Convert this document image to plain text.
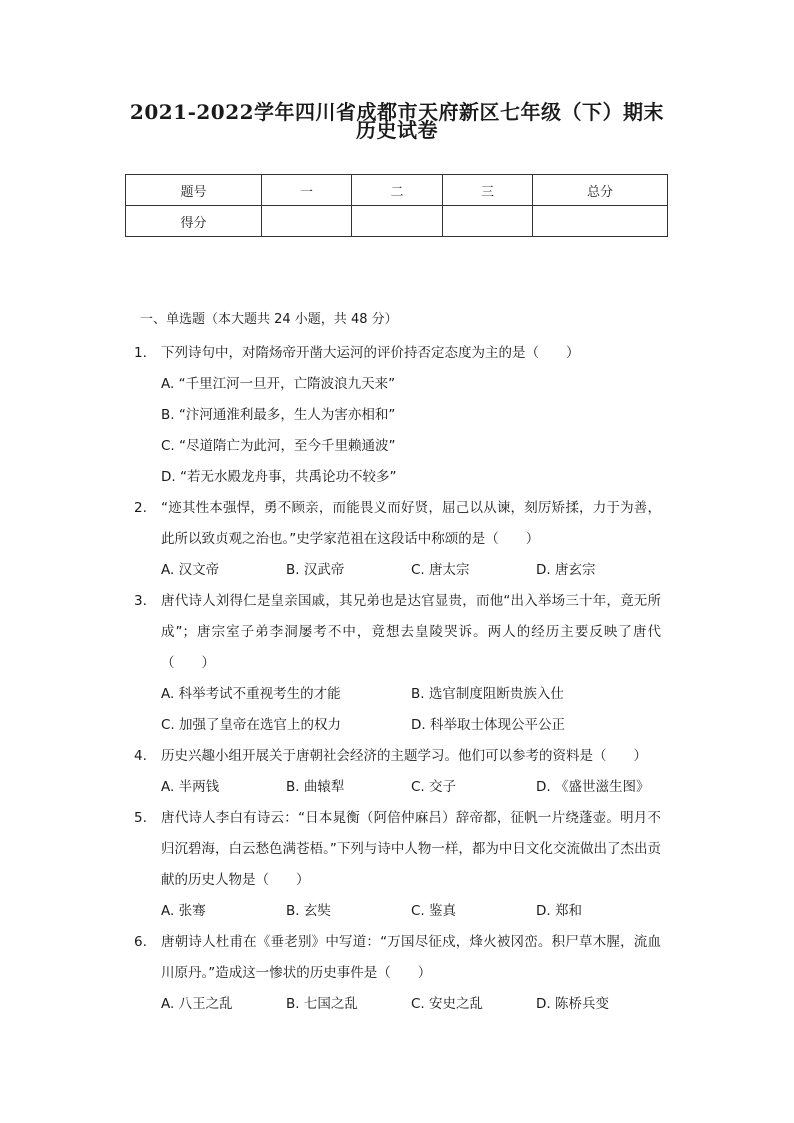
2021-2022学年四川省成都市天府新区七年级（下）期末
历史试卷
题号	一	二	三	总分
得分				
一、单选题（本大题共 24 小题，共 48 分）
1. 下列诗句中，对隋炀帝开凿大运河的评价持否定态度为主的是（　　）
A. “千里江河一旦开，亡隋波浪九天来”
B. “汴河通淮利最多，生人为害亦相和”
C. “尽道隋亡为此河，至今千里赖通波”
D. “若无水殿龙舟事，共禹论功不较多”
2. “迹其性本强悍，勇不顾亲，而能畏义而好贤，屈己以从谏，刻厉矫揉，力于为善，此所以致贞观之治也。”史学家范祖在这段话中称颂的是（　　）
A. 汉文帝	B. 汉武帝	C. 唐太宗	D. 唐玄宗
3. 唐代诗人刘得仁是皇亲国戚，其兄弟也是达官显贵，而他“出入举场三十年，竟无所成”；唐宗室子弟李洞屡考不中，竟想去皇陵哭诉。两人的经历主要反映了唐代（　　）
A. 科举考试不重视考生的才能	B. 选官制度阻断贵族入仕
C. 加强了皇帝在选官上的权力	D. 科举取士体现公平公正
4. 历史兴趣小组开展关于唐朝社会经济的主题学习。他们可以参考的资料是（　　）
A. 半两钱	B. 曲辕犁	C. 交子	D. 《盛世滋生图》
5. 唐代诗人李白有诗云：“日本晁衡（阿倍仲麻吕）辞帝都，征帆一片绕蓬壶。明月不归沉碧海，白云愁色满苍梧。”下列与诗中人物一样，都为中日文化交流做出了杰出贡献的历史人物是（　　）
A. 张骞	B. 玄奘	C. 鉴真	D. 郑和
6. 唐朝诗人杜甫在《垂老别》中写道：“万国尽征戍，烽火被冈峦。积尸草木腥，流血川原丹。”造成这一惨状的历史事件是（　　）
A. 八王之乱	B. 七国之乱	C. 安史之乱	D. 陈桥兵变
